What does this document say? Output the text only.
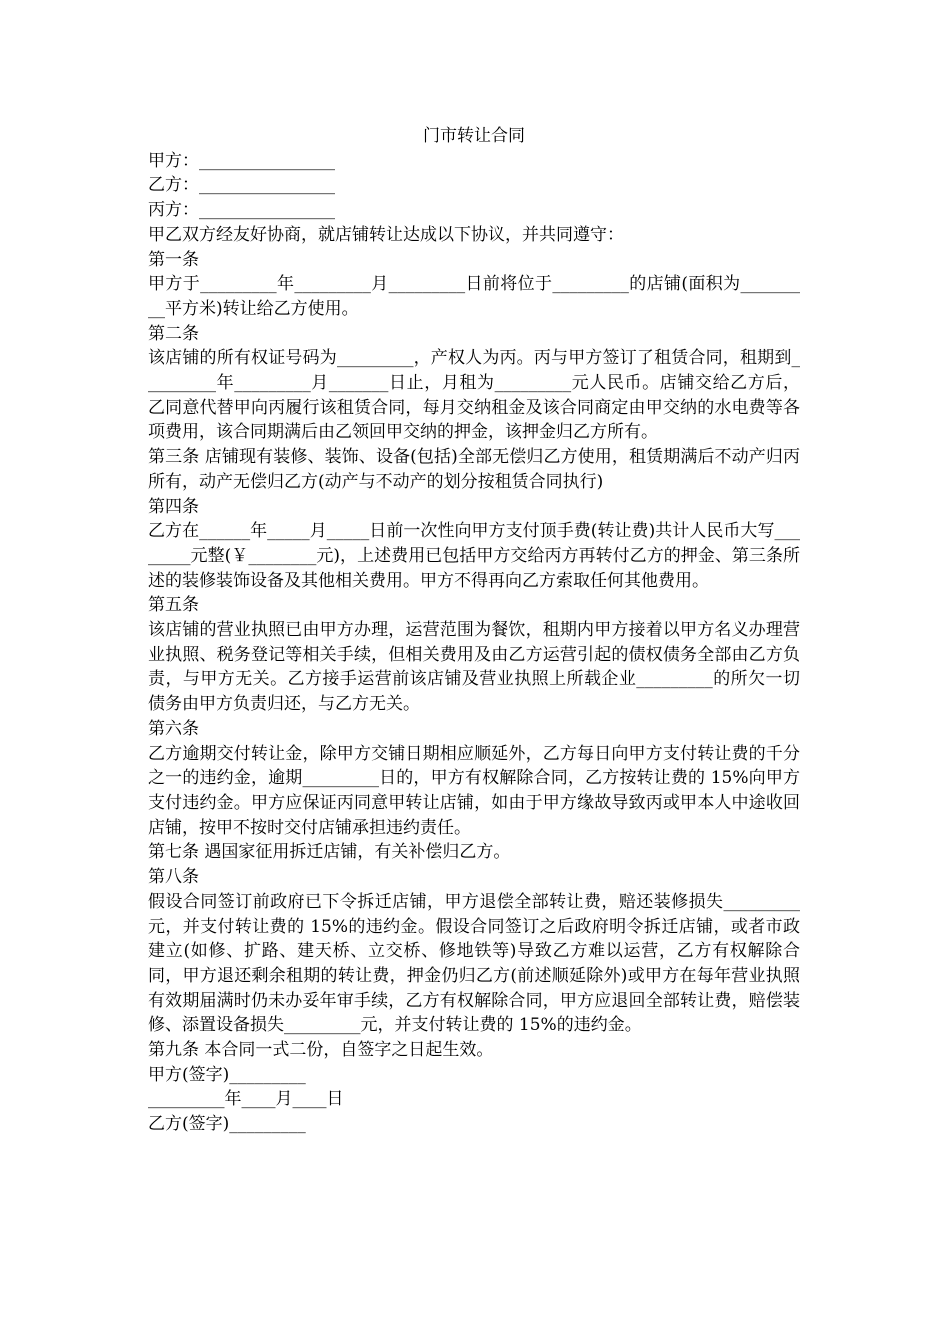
门市转让合同

甲方：________________

乙方：________________

丙方：________________

甲乙双方经友好协商，就店铺转让达成以下协议，并共同遵守：

第一条

甲方于_________年_________月_________日前将位于_________的店铺(面积为_________平方米)转让给乙方使用。

第二条

该店铺的所有权证号码为_________，产权人为丙。丙与甲方签订了租赁合同，租期到_________年_________月_______日止，月租为_________元人民币。店铺交给乙方后，乙同意代替甲向丙履行该租赁合同，每月交纳租金及该合同商定由甲交纳的水电费等各项费用，该合同期满后由乙领回甲交纳的押金，该押金归乙方所有。

第三条 店铺现有装修、装饰、设备(包括)全部无偿归乙方使用，租赁期满后不动产归丙所有，动产无偿归乙方(动产与不动产的划分按租赁合同执行)

第四条

乙方在______年_____月_____日前一次性向甲方支付顶手费(转让费)共计人民币大写________元整(￥________元)，上述费用已包括甲方交给丙方再转付乙方的押金、第三条所述的装修装饰设备及其他相关费用。甲方不得再向乙方索取任何其他费用。

第五条

该店铺的营业执照已由甲方办理，运营范围为餐饮，租期内甲方接着以甲方名义办理营业执照、税务登记等相关手续，但相关费用及由乙方运营引起的债权债务全部由乙方负责，与甲方无关。乙方接手运营前该店铺及营业执照上所载企业_________的所欠一切债务由甲方负责归还，与乙方无关。

第六条

乙方逾期交付转让金，除甲方交铺日期相应顺延外，乙方每日向甲方支付转让费的千分之一的违约金，逾期_________日的，甲方有权解除合同，乙方按转让费的 15%向甲方支付违约金。甲方应保证丙同意甲转让店铺，如由于甲方缘故导致丙或甲本人中途收回店铺，按甲不按时交付店铺承担违约责任。

第七条 遇国家征用拆迁店铺，有关补偿归乙方。

第八条

假设合同签订前政府已下令拆迁店铺，甲方退偿全部转让费，赔还装修损失_________元，并支付转让费的 15%的违约金。假设合同签订之后政府明令拆迁店铺，或者市政建立(如修、扩路、建天桥、立交桥、修地铁等)导致乙方难以运营，乙方有权解除合同，甲方退还剩余租期的转让费，押金仍归乙方(前述顺延除外)或甲方在每年营业执照有效期届满时仍未办妥年审手续，乙方有权解除合同，甲方应退回全部转让费，赔偿装修、添置设备损失_________元，并支付转让费的 15%的违约金。

第九条 本合同一式二份，自签字之日起生效。

甲方(签字)_________

_________年____月____日

乙方(签字)_________
